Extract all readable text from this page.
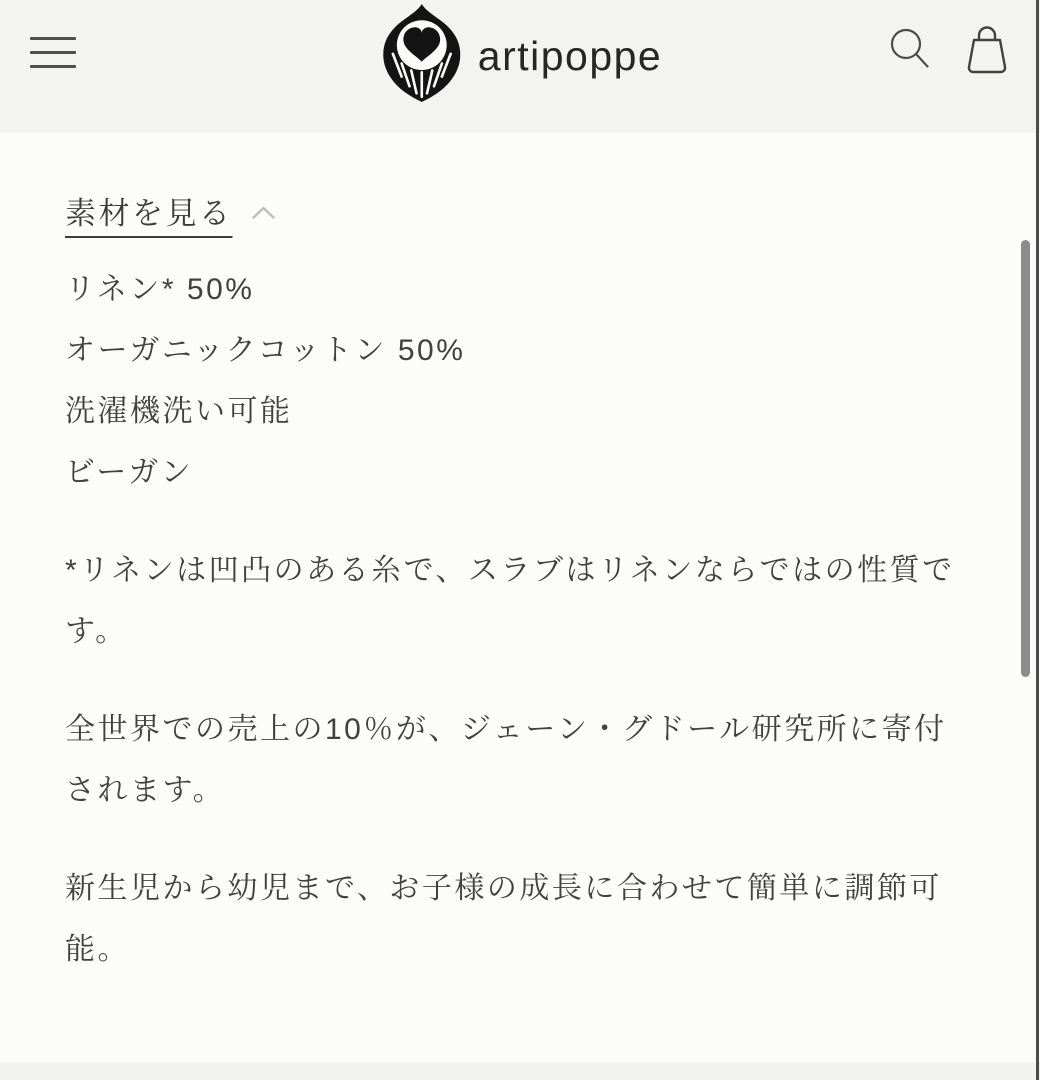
artipoppe
素材を見る

リネン* 50%

オーガニックコットン 50%

洗濯機洗い可能

ビーガン

*リネンは凹凸のある糸で、スラブはリネンならではの性質です。

全世界での売上の10％が、ジェーン・グドール研究所に寄付されます。

新生児から幼児まで、お子様の成長に合わせて簡単に調節可能。
